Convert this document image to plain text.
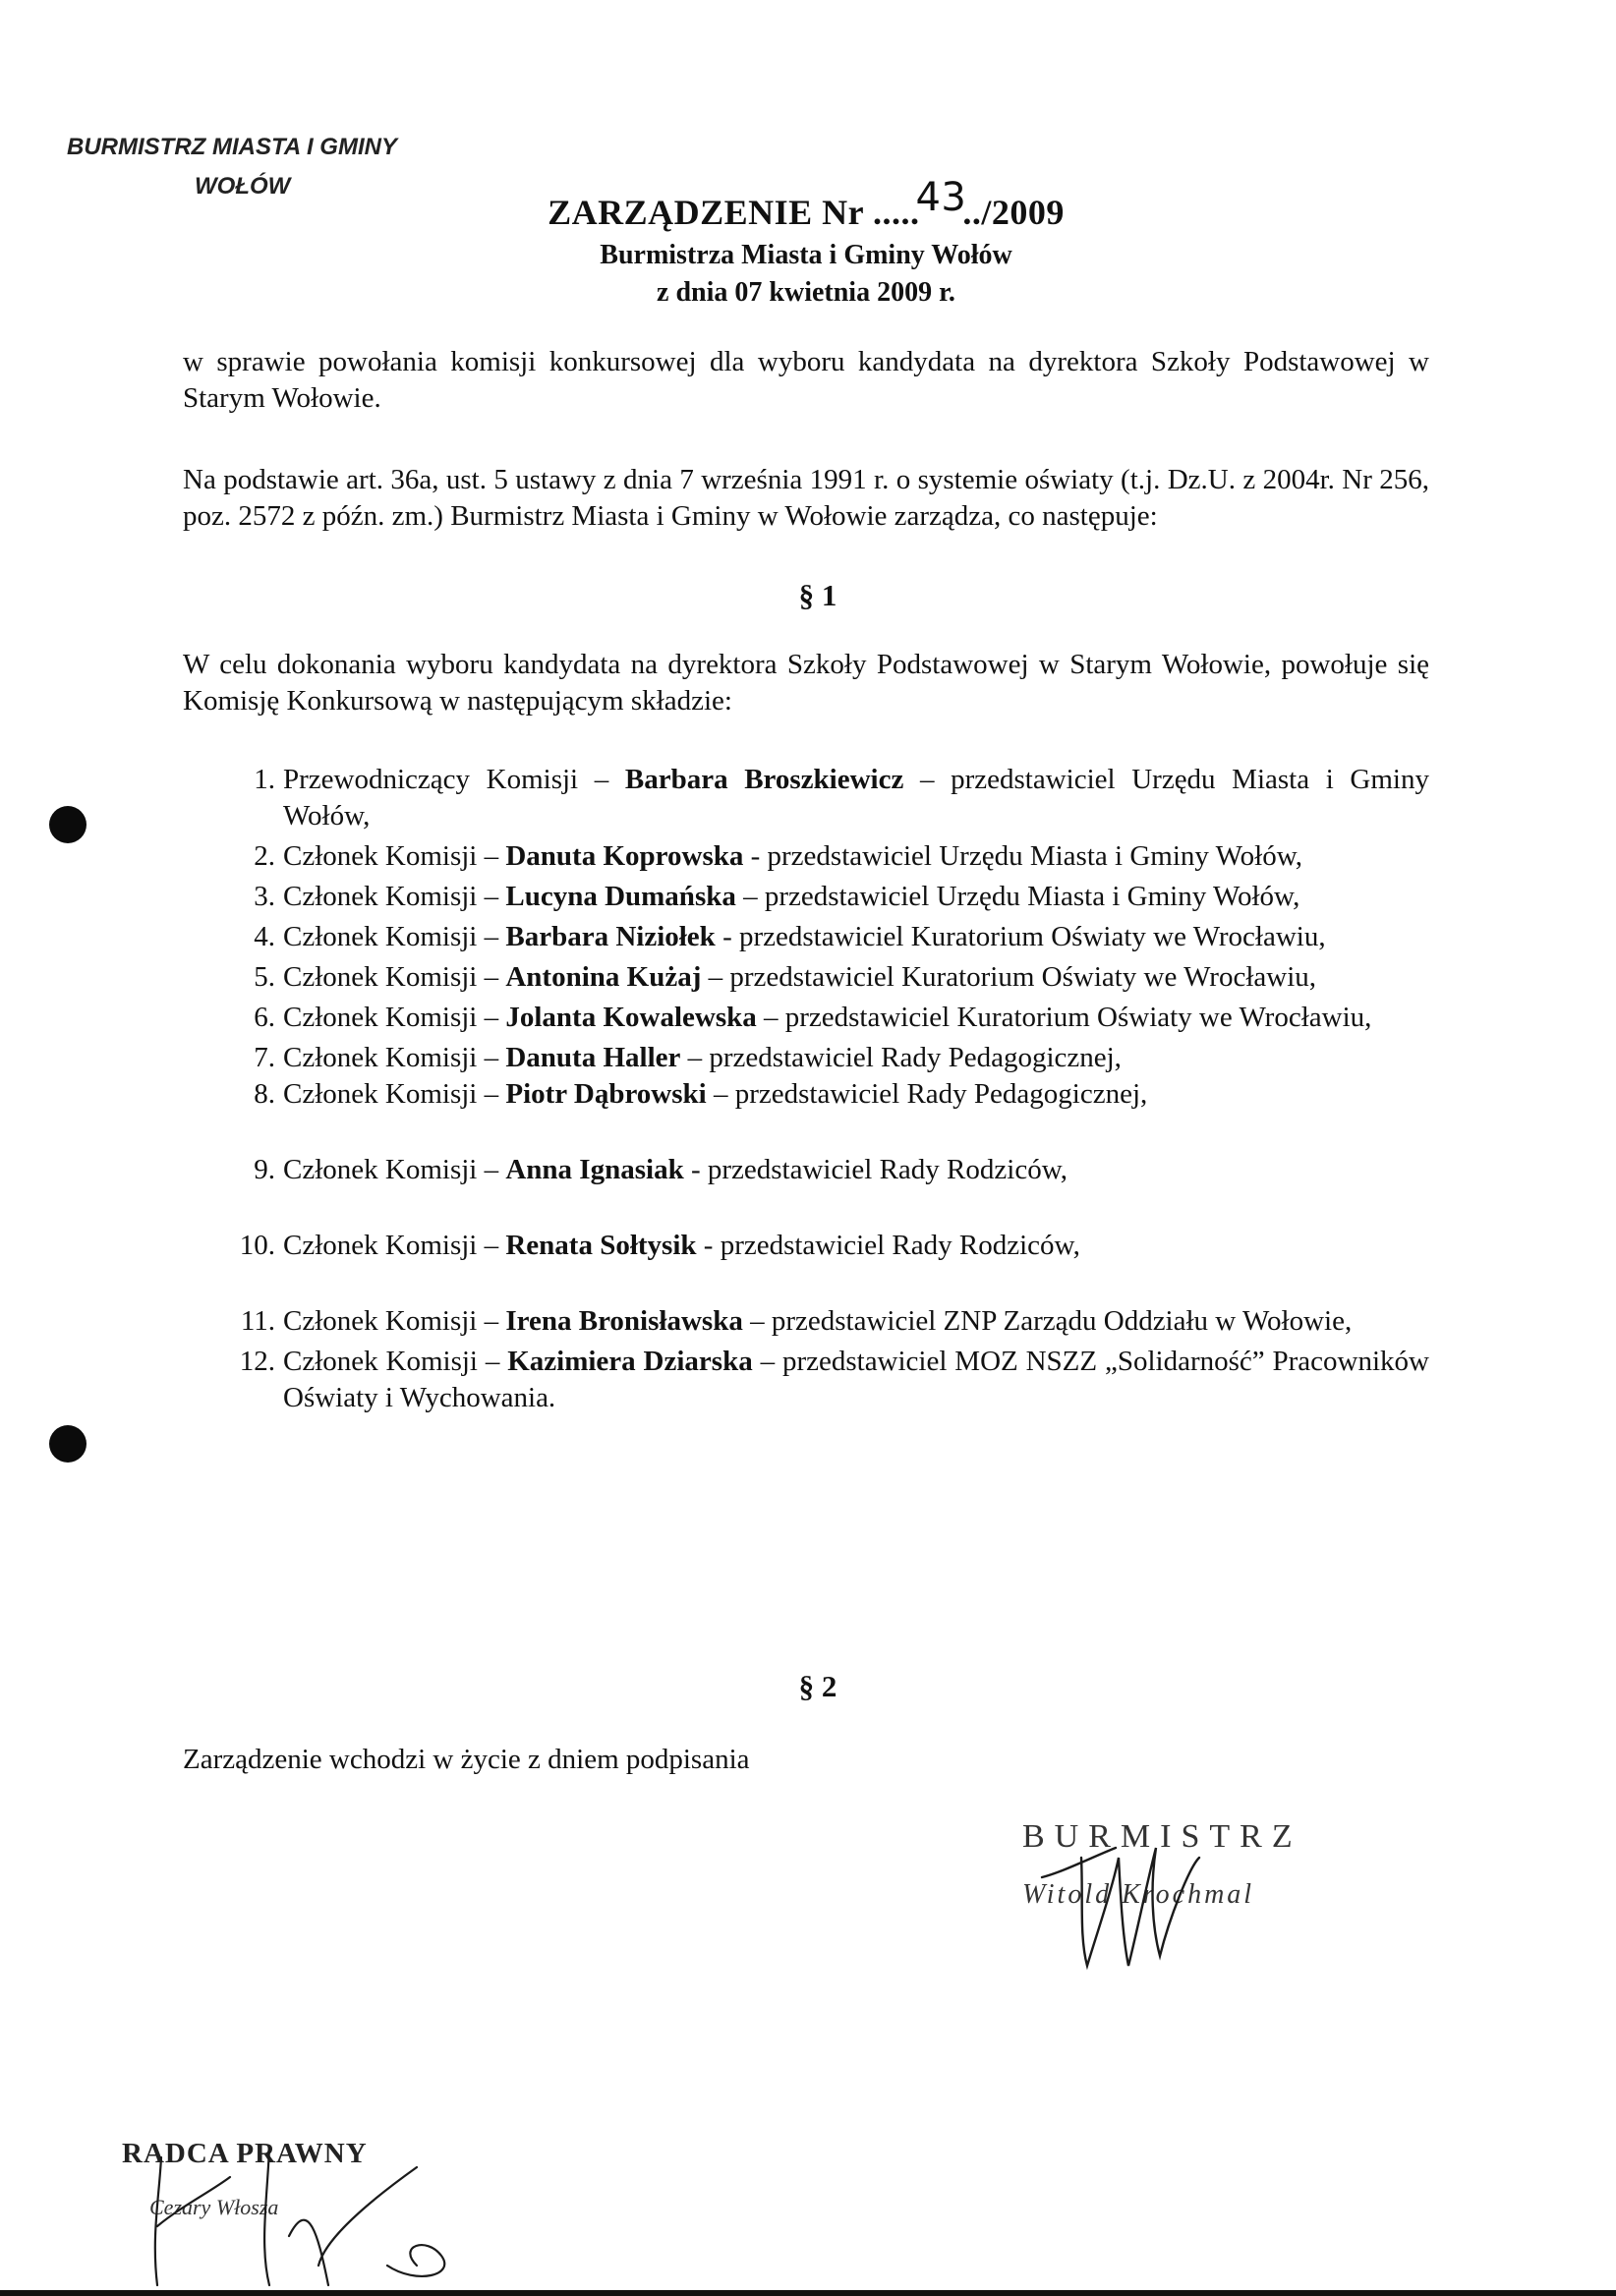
BURMISTRZ MIASTA I GMINY
WOŁÓW
ZARZĄDZENIE Nr .....43../2009
Burmistrza Miasta i Gminy Wołów
z dnia 07 kwietnia 2009 r.
w sprawie powołania komisji konkursowej dla wyboru kandydata na dyrektora Szkoły Podstawowej w Starym Wołowie.
Na podstawie art. 36a, ust. 5 ustawy z dnia 7 września 1991 r. o systemie oświaty (t.j. Dz.U. z 2004r. Nr 256, poz. 2572 z późn. zm.) Burmistrz Miasta i Gminy w Wołowie zarządza, co następuje:
§ 1
W celu dokonania wyboru kandydata na dyrektora Szkoły Podstawowej w Starym Wołowie, powołuje się Komisję Konkursową w następującym składzie:
1. Przewodniczący Komisji – Barbara Broszkiewicz – przedstawiciel Urzędu Miasta i Gminy Wołów,
2. Członek Komisji – Danuta Koprowska - przedstawiciel Urzędu Miasta i Gminy Wołów,
3. Członek Komisji – Lucyna Dumańska – przedstawiciel Urzędu Miasta i Gminy Wołów,
4. Członek Komisji – Barbara Niziołek - przedstawiciel Kuratorium Oświaty we Wrocławiu,
5. Członek Komisji – Antonina Kużaj – przedstawiciel Kuratorium Oświaty we Wrocławiu,
6. Członek Komisji – Jolanta Kowalewska – przedstawiciel Kuratorium Oświaty we Wrocławiu,
7. Członek Komisji – Danuta Haller – przedstawiciel Rady Pedagogicznej,
8. Członek Komisji – Piotr Dąbrowski – przedstawiciel Rady Pedagogicznej,
9. Członek Komisji – Anna Ignasiak - przedstawiciel Rady Rodziców,
10. Członek Komisji – Renata Sołtysik - przedstawiciel Rady Rodziców,
11. Członek Komisji – Irena Bronisławska – przedstawiciel ZNP Zarządu Oddziału w Wołowie,
12. Członek Komisji – Kazimiera Dziarska – przedstawiciel MOZ NSZZ „Solidarność” Pracowników Oświaty i Wychowania.
§ 2
Zarządzenie wchodzi w życie z dniem podpisania
BURMISTRZ
Witold Krochmal
RADCA PRAWNY
Cezary Włosza
